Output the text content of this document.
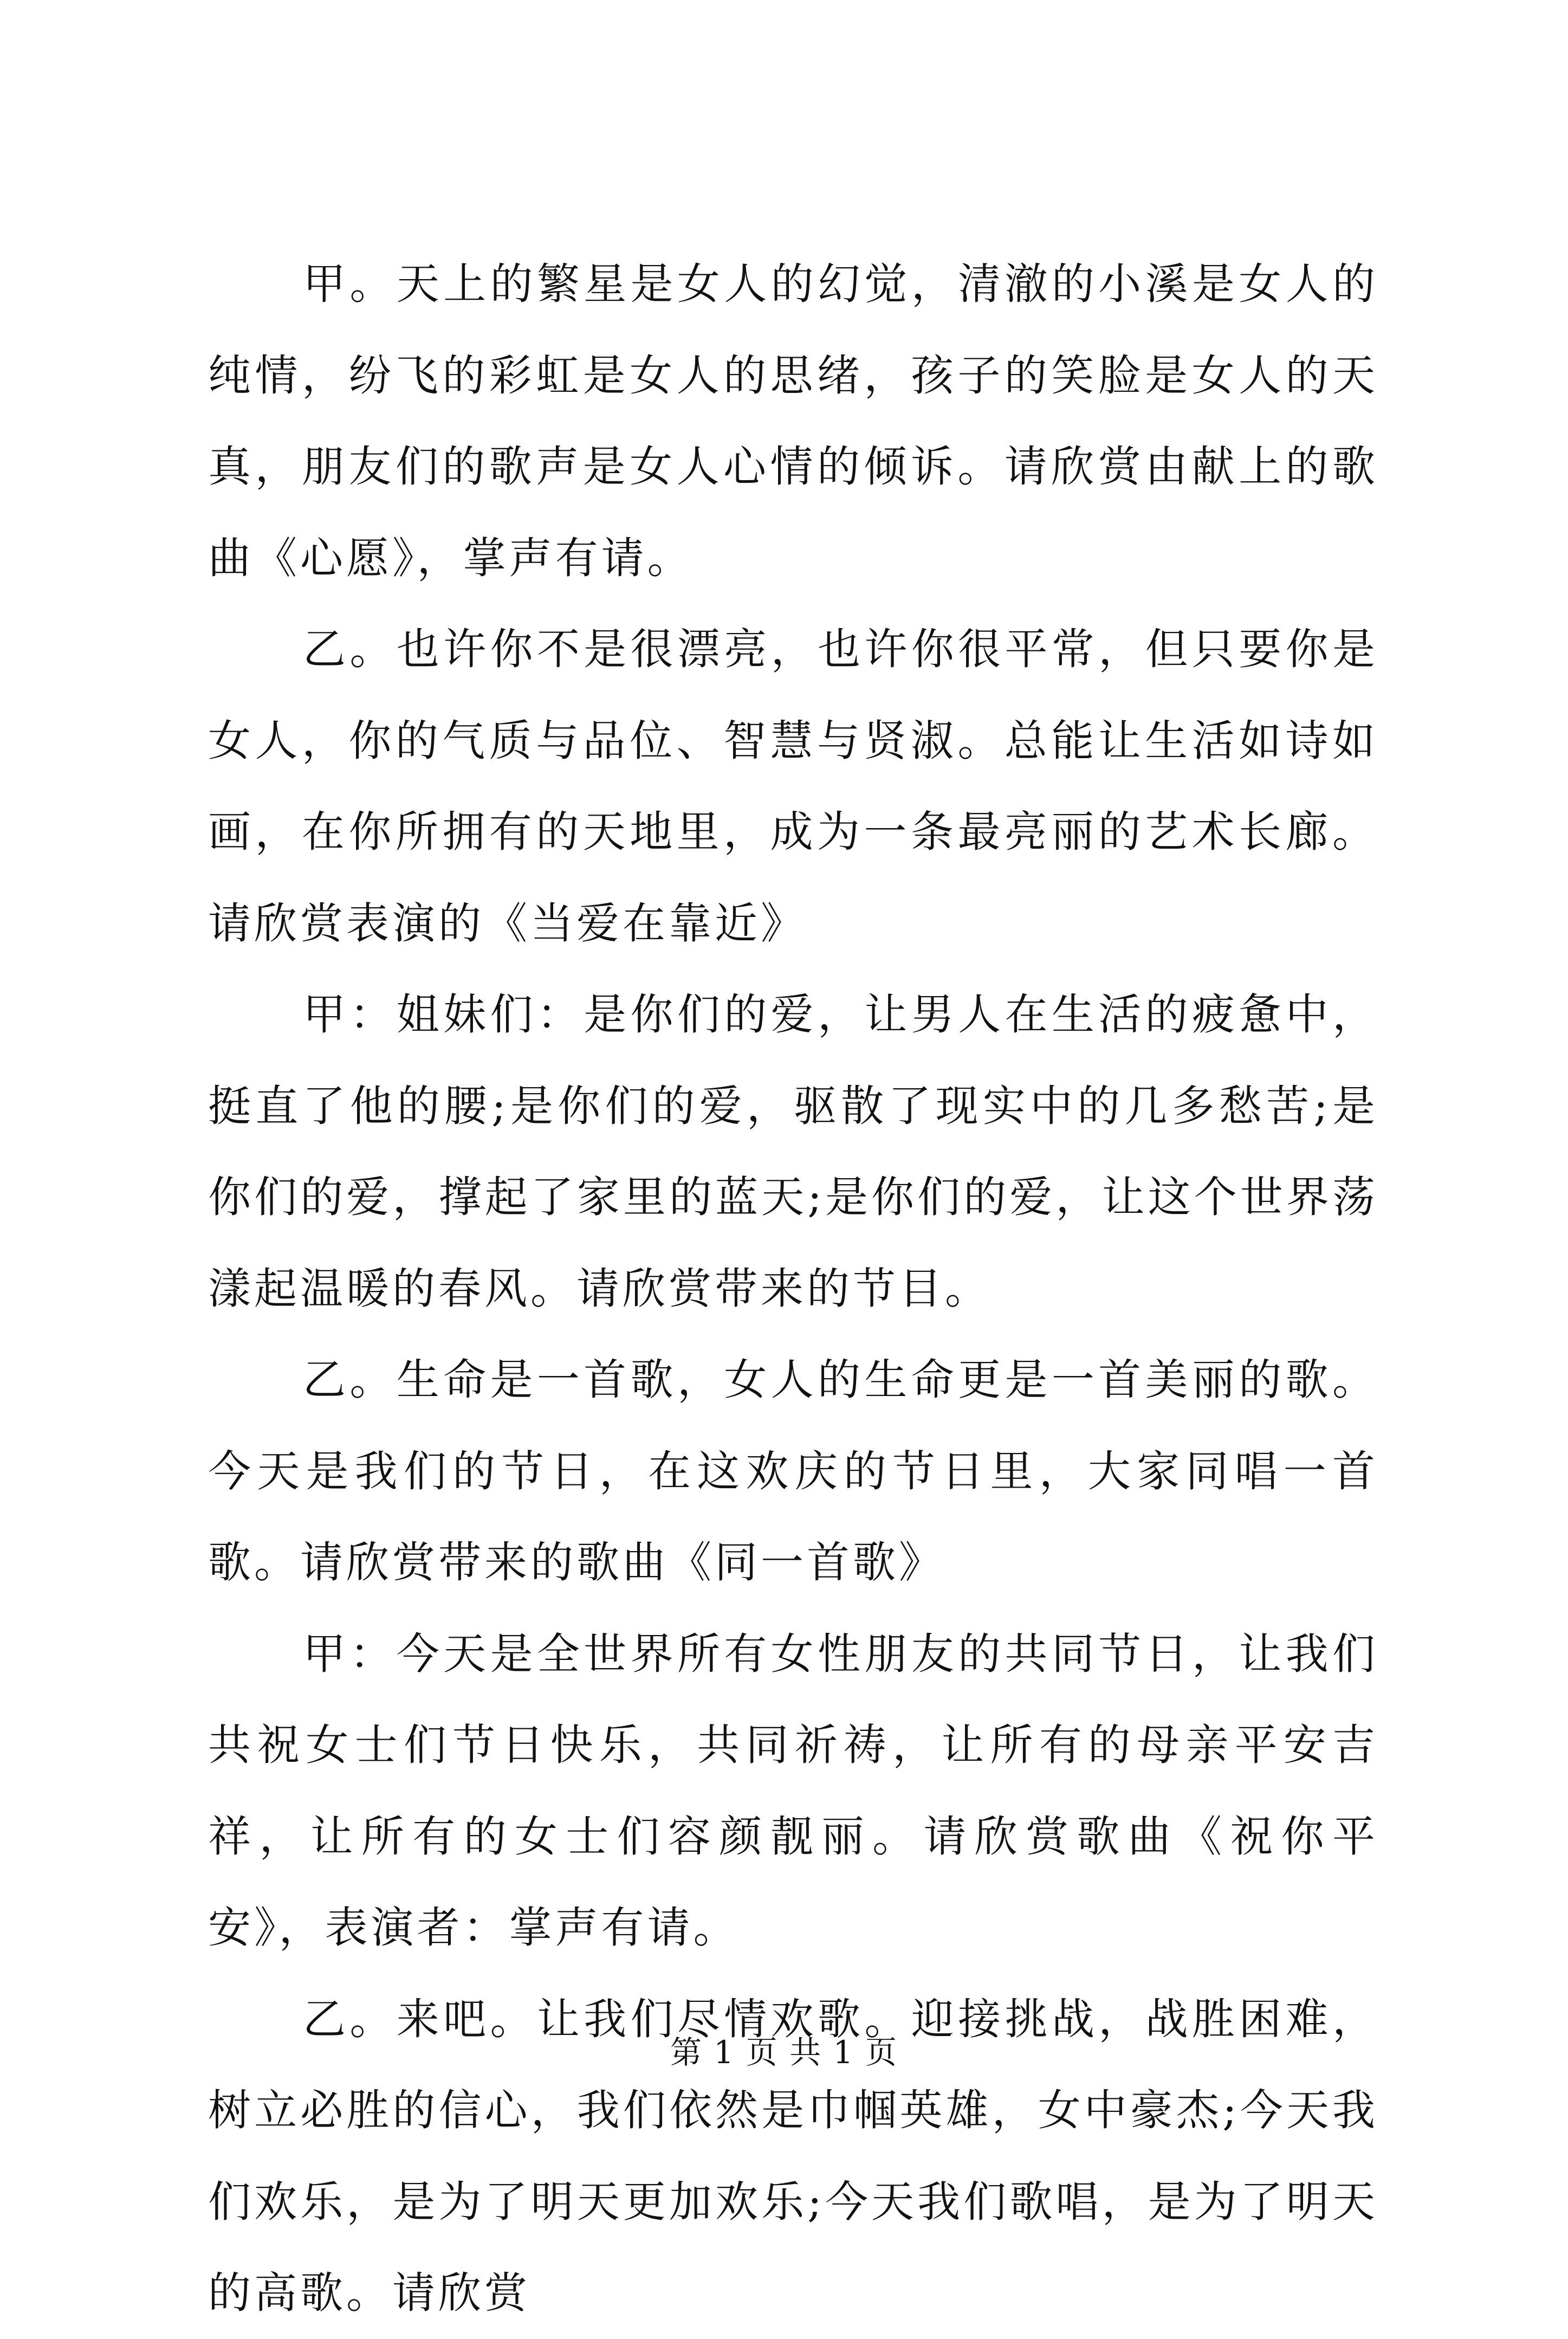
甲。天上的繁星是女人的幻觉，清澈的小溪是女人的纯情，纷飞的彩虹是女人的思绪，孩子的笑脸是女人的天真，朋友们的歌声是女人心情的倾诉。请欣赏由献上的歌曲《心愿》，掌声有请。

乙。也许你不是很漂亮，也许你很平常，但只要你是女人，你的气质与品位、智慧与贤淑。总能让生活如诗如画，在你所拥有的天地里，成为一条最亮丽的艺术长廊。请欣赏表演的《当爱在靠近》

甲：姐妹们：是你们的爱，让男人在生活的疲惫中，挺直了他的腰;是你们的爱，驱散了现实中的几多愁苦;是你们的爱，撑起了家里的蓝天;是你们的爱，让这个世界荡漾起温暖的春风。请欣赏带来的节目。

乙。生命是一首歌，女人的生命更是一首美丽的歌。今天是我们的节日，在这欢庆的节日里，大家同唱一首歌。请欣赏带来的歌曲《同一首歌》

甲：今天是全世界所有女性朋友的共同节日，让我们共祝女士们节日快乐，共同祈祷，让所有的母亲平安吉祥，让所有的女士们容颜靓丽。请欣赏歌曲《祝你平安》，表演者：掌声有请。

乙。来吧。让我们尽情欢歌。迎接挑战，战胜困难，树立必胜的信心，我们依然是巾帼英雄，女中豪杰;今天我们欢乐，是为了明天更加欢乐;今天我们歌唱，是为了明天的高歌。请欣赏

第 1 页 共 1 页
